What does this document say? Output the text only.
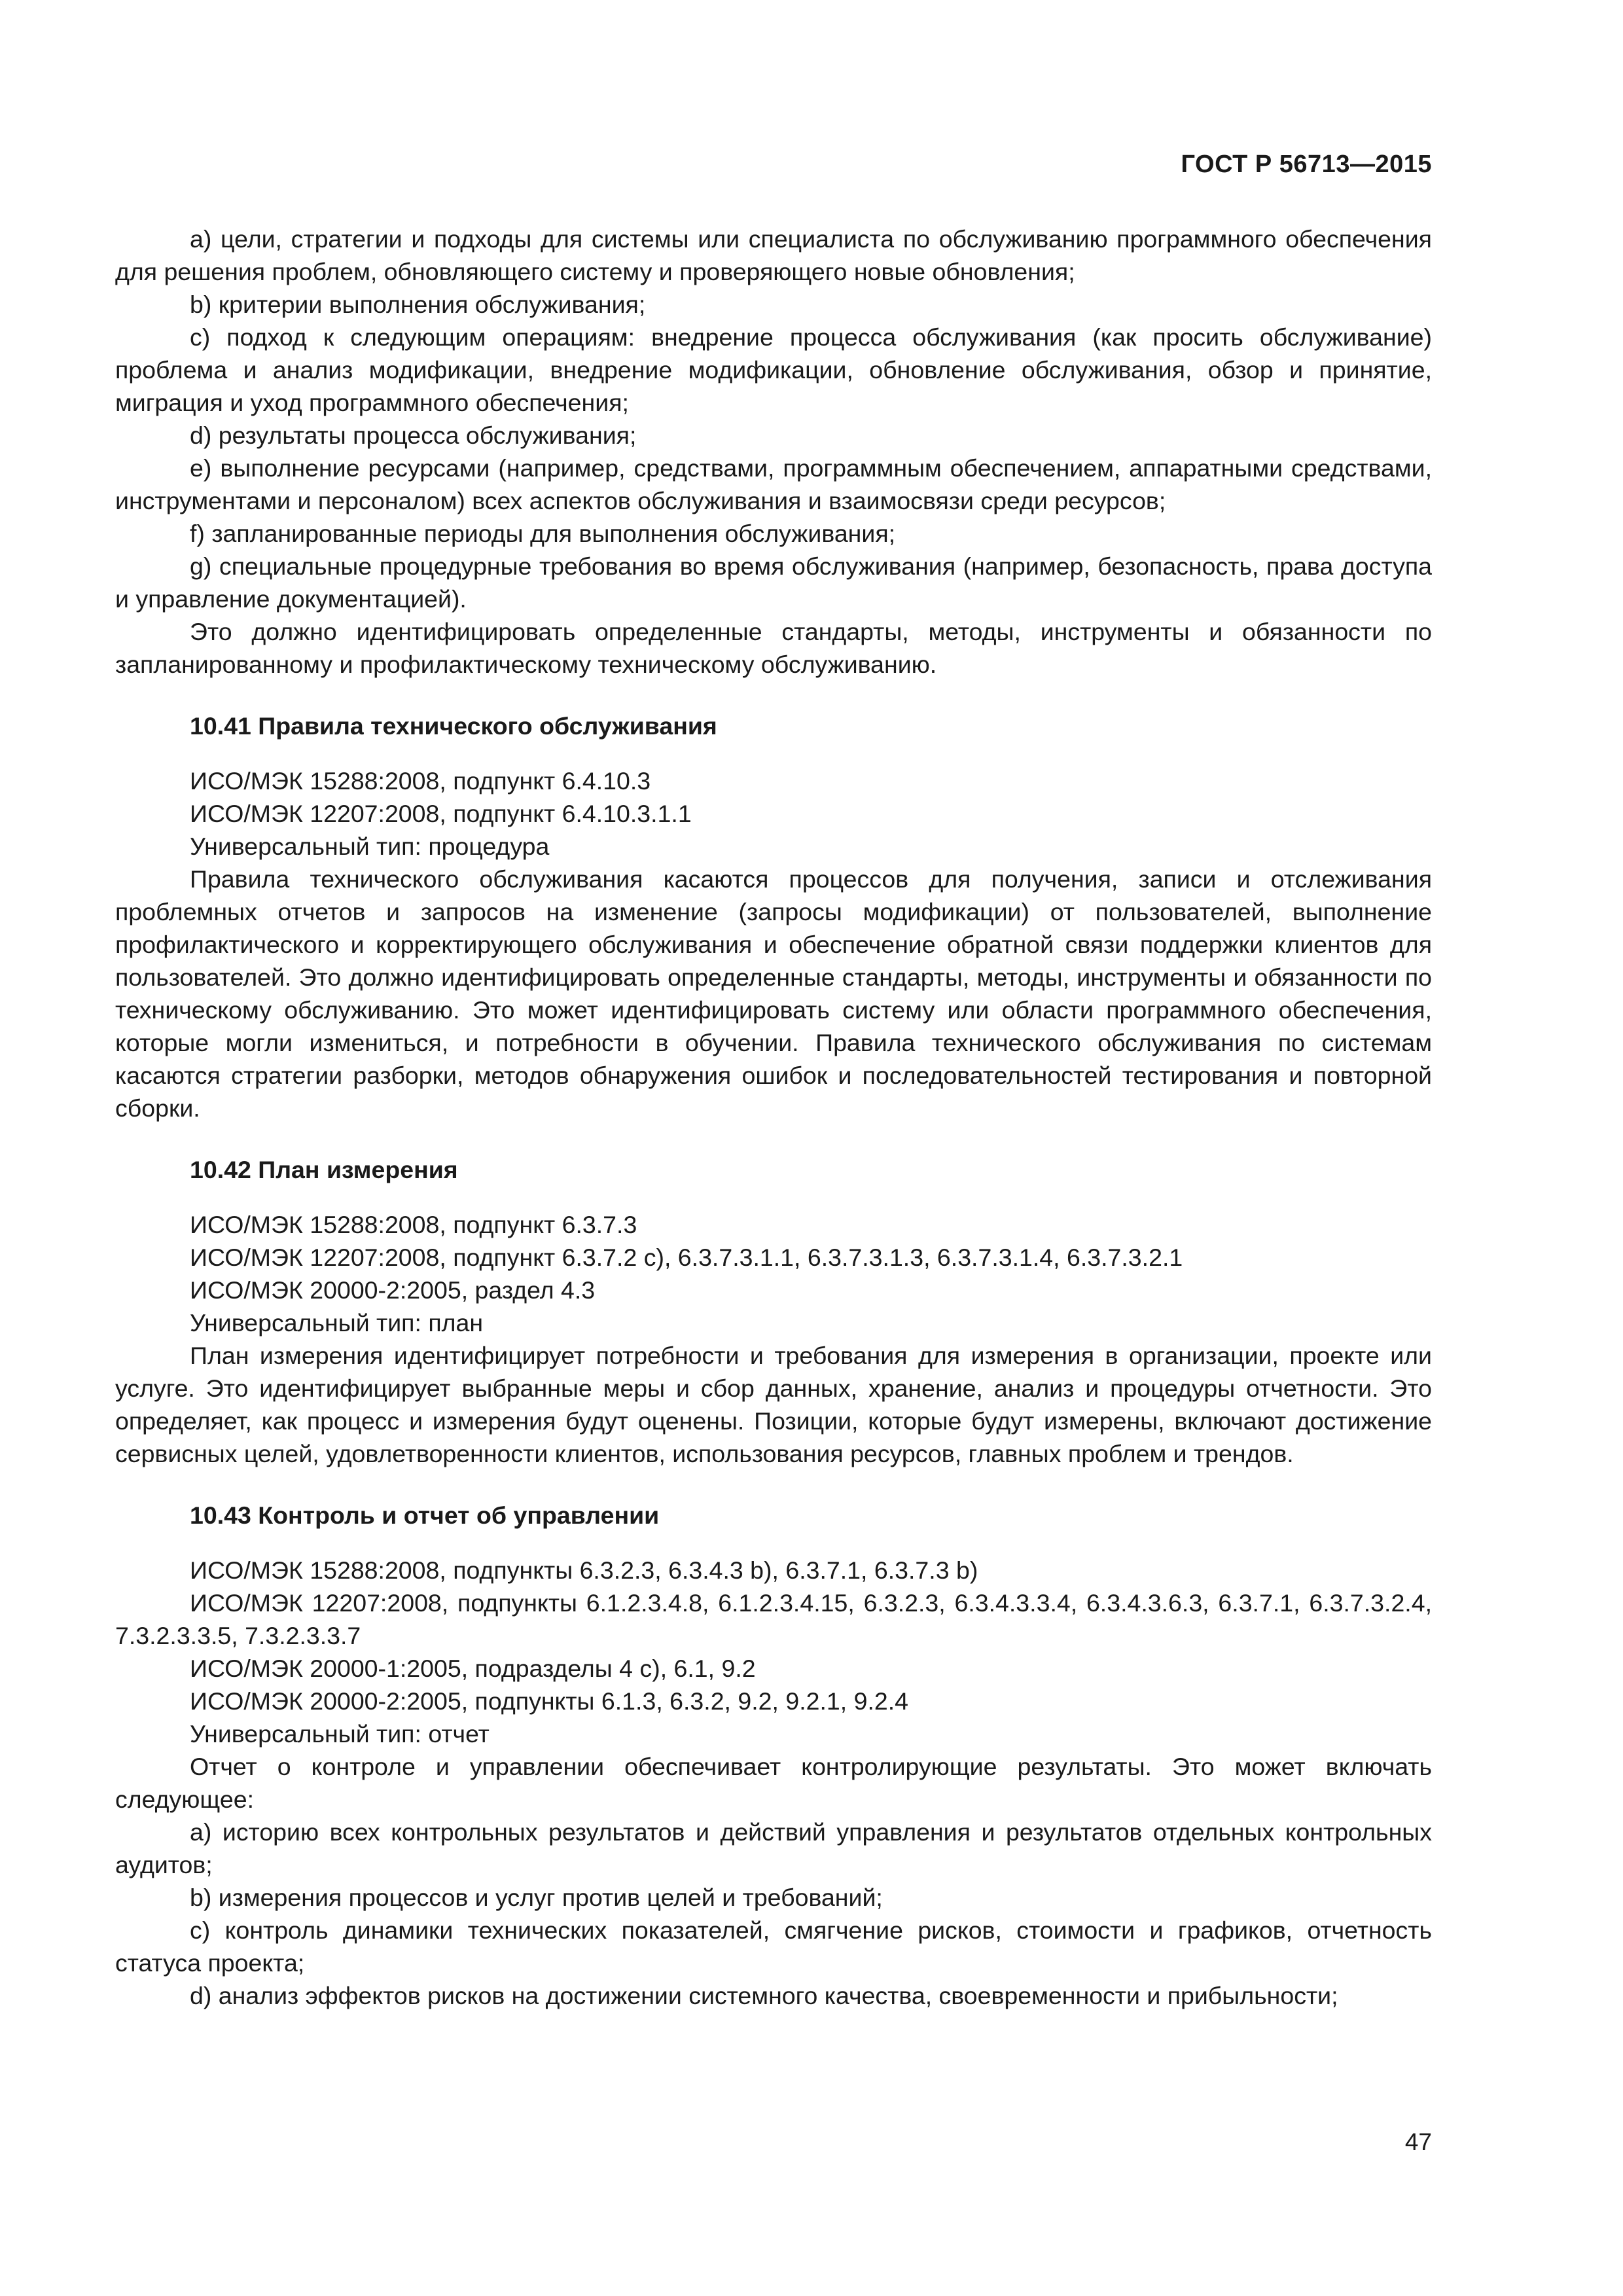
ГОСТ Р 56713—2015

a) цели, стратегии и подходы для системы или специалиста по обслуживанию программного обеспечения для решения проблем, обновляющего систему и проверяющего новые обновления;

b) критерии выполнения обслуживания;

c) подход к следующим операциям: внедрение процесса обслуживания (как просить обслуживание) проблема и анализ модификации, внедрение модификации, обновление обслуживания, обзор и принятие, миграция и уход программного обеспечения;

d) результаты процесса обслуживания;

e) выполнение ресурсами (например, средствами, программным обеспечением, аппаратными средствами, инструментами и персоналом) всех аспектов обслуживания и взаимосвязи среди ресурсов;

f) запланированные периоды для выполнения обслуживания;

g) специальные процедурные требования во время обслуживания (например, безопасность, права доступа и управление документацией).

Это должно идентифицировать определенные стандарты, методы, инструменты и обязанности по запланированному и профилактическому техническому обслуживанию.

10.41 Правила технического обслуживания

ИСО/МЭК 15288:2008, подпункт 6.4.10.3

ИСО/МЭК 12207:2008, подпункт 6.4.10.3.1.1

Универсальный тип: процедура

Правила технического обслуживания касаются процессов для получения, записи и отслеживания проблемных отчетов и запросов на изменение (запросы модификации) от пользователей, выполнение профилактического и корректирующего обслуживания и обеспечение обратной связи поддержки клиентов для пользователей. Это должно идентифицировать определенные стандарты, методы, инструменты и обязанности по техническому обслуживанию. Это может идентифицировать систему или области программного обеспечения, которые могли измениться, и потребности в обучении. Правила технического обслуживания по системам касаются стратегии разборки, методов обнаружения ошибок и последовательностей тестирования и повторной сборки.

10.42 План измерения

ИСО/МЭК 15288:2008, подпункт 6.3.7.3

ИСО/МЭК 12207:2008, подпункт 6.3.7.2 c), 6.3.7.3.1.1, 6.3.7.3.1.3, 6.3.7.3.1.4, 6.3.7.3.2.1

ИСО/МЭК 20000-2:2005, раздел 4.3

Универсальный тип: план

План измерения идентифицирует потребности и требования для измерения в организации, проекте или услуге. Это идентифицирует выбранные меры и сбор данных, хранение, анализ и процедуры отчетности. Это определяет, как процесс и измерения будут оценены. Позиции, которые будут измерены, включают достижение сервисных целей, удовлетворенности клиентов, использования ресурсов, главных проблем и трендов.

10.43 Контроль и отчет об управлении

ИСО/МЭК 15288:2008, подпункты 6.3.2.3, 6.3.4.3 b), 6.3.7.1, 6.3.7.3 b)

ИСО/МЭК 12207:2008, подпункты 6.1.2.3.4.8, 6.1.2.3.4.15, 6.3.2.3, 6.3.4.3.3.4, 6.3.4.3.6.3, 6.3.7.1, 6.3.7.3.2.4, 7.3.2.3.3.5, 7.3.2.3.3.7

ИСО/МЭК 20000-1:2005, подразделы 4 c), 6.1, 9.2

ИСО/МЭК 20000-2:2005, подпункты 6.1.3, 6.3.2, 9.2, 9.2.1, 9.2.4

Универсальный тип: отчет

Отчет о контроле и управлении обеспечивает контролирующие результаты. Это может включать следующее:

a) историю всех контрольных результатов и действий управления и результатов отдельных контрольных аудитов;

b) измерения процессов и услуг против целей и требований;

c) контроль динамики технических показателей, смягчение рисков, стоимости и графиков, отчетность статуса проекта;

d) анализ эффектов рисков на достижении системного качества, своевременности и прибыльности;

47
